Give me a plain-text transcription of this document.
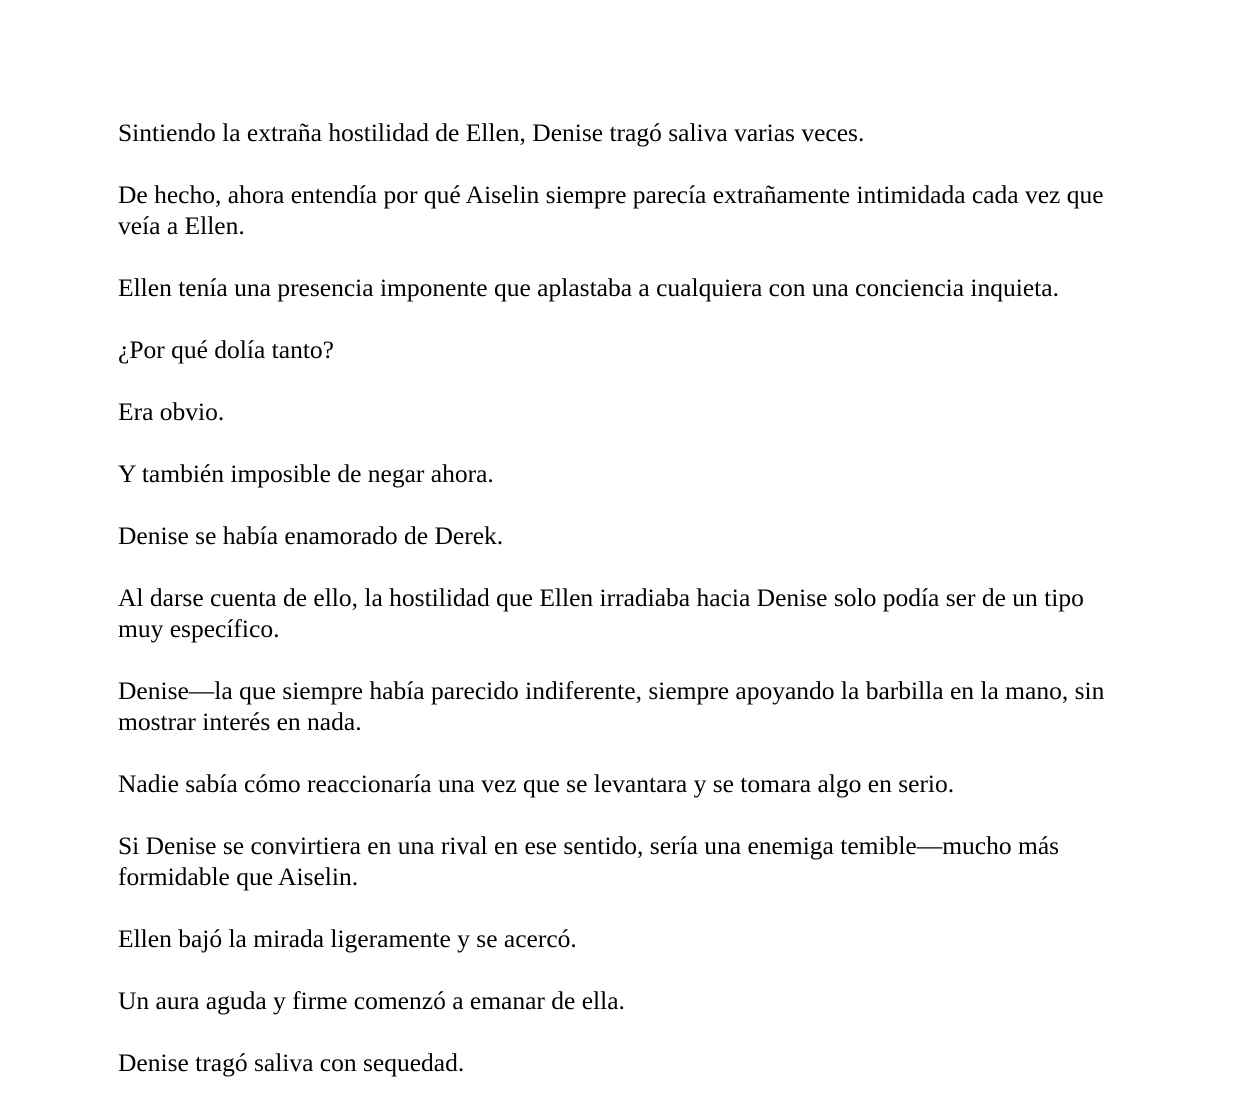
Sintiendo la extraña hostilidad de Ellen, Denise tragó saliva varias veces.

De hecho, ahora entendía por qué Aiselin siempre parecía extrañamente intimidada cada vez que veía a Ellen.

Ellen tenía una presencia imponente que aplastaba a cualquiera con una conciencia inquieta.

¿Por qué dolía tanto?

Era obvio.

Y también imposible de negar ahora.

Denise se había enamorado de Derek.

Al darse cuenta de ello, la hostilidad que Ellen irradiaba hacia Denise solo podía ser de un tipo muy específico.

Denise—la que siempre había parecido indiferente, siempre apoyando la barbilla en la mano, sin mostrar interés en nada.

Nadie sabía cómo reaccionaría una vez que se levantara y se tomara algo en serio.

Si Denise se convirtiera en una rival en ese sentido, sería una enemiga temible—mucho más formidable que Aiselin.

Ellen bajó la mirada ligeramente y se acercó.

Un aura aguda y firme comenzó a emanar de ella.

Denise tragó saliva con sequedad.
